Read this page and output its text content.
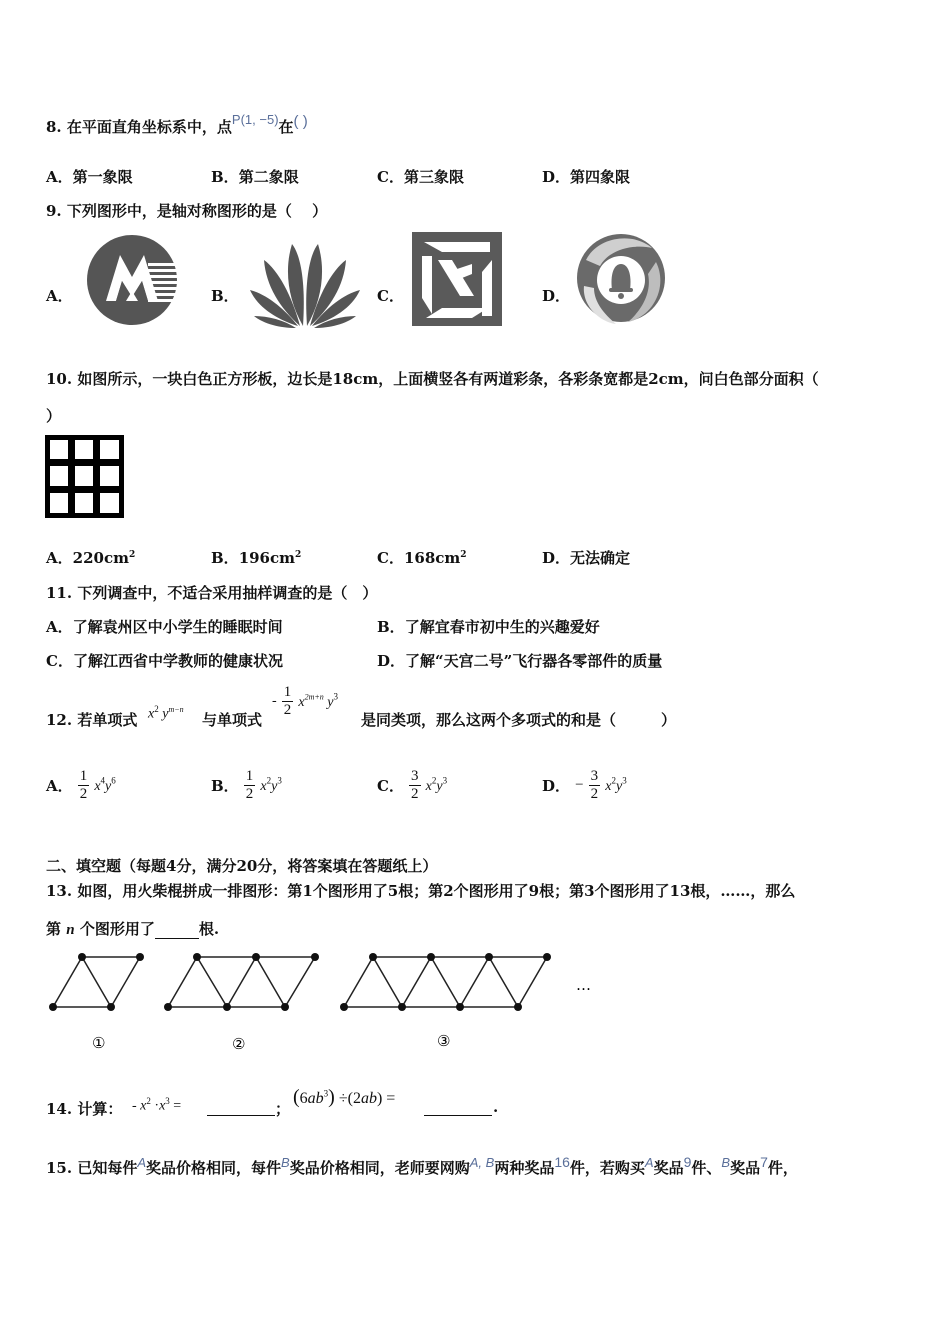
8. 在平面直角坐标系中，点P(1, −5)在( )
A．第一象限	B．第二象限	C．第三象限	D．第四象限
9. 下列图形中，是轴对称图形的是（　 ）
A．	B．	C．	D．
10. 如图所示，一块白色正方形板，边长是18cm，上面横竖各有两道彩条，各彩条宽都是2cm，问白色部分面积（
）
A．$220cm^2$	B．$196cm^2$	C．$168cm^2$	D．无法确定
11. 下列调查中，不适合采用抽样调查的是（　）
A．了解袁州区中小学生的睡眠时间	B．了解宜春市初中生的兴趣爱好
C．了解江西省中学教师的健康状况	D．了解“天宫二号”飞行器各零部件的质量
12. 若单项式 $x^2$ $y^{m-n}$
与单项式
- $\frac{1}{2} x^{2m+n}$ $y^3$
是同类项，那么这两个多项式的和是（　　　）
A． $\frac{1}{2} x^4y^6$	B． $\frac{1}{2} x^2y^3$	C． $\frac{3}{2} x^2y^3$	D． − $\frac{3}{2} x^2y^3$
二、填空题（每题4分，满分20分，将答案填在答题纸上）
13. 如图，用火柴棍拼成一排图形：第1个图形用了5根；第2个图形用了9根；第3个图形用了13根，……，那么
第 n 个图形用了	根.
①	②	③
…
14. 计算： - $x^2 \cdot x^3$ =
	；
$(6ab^3) \div(2ab)$ =
	.
15. 已知每件A奖品价格相同，每件B奖品价格相同，老师要网购A, B两种奖品16件，若购买A奖品9件、B奖品7件，
